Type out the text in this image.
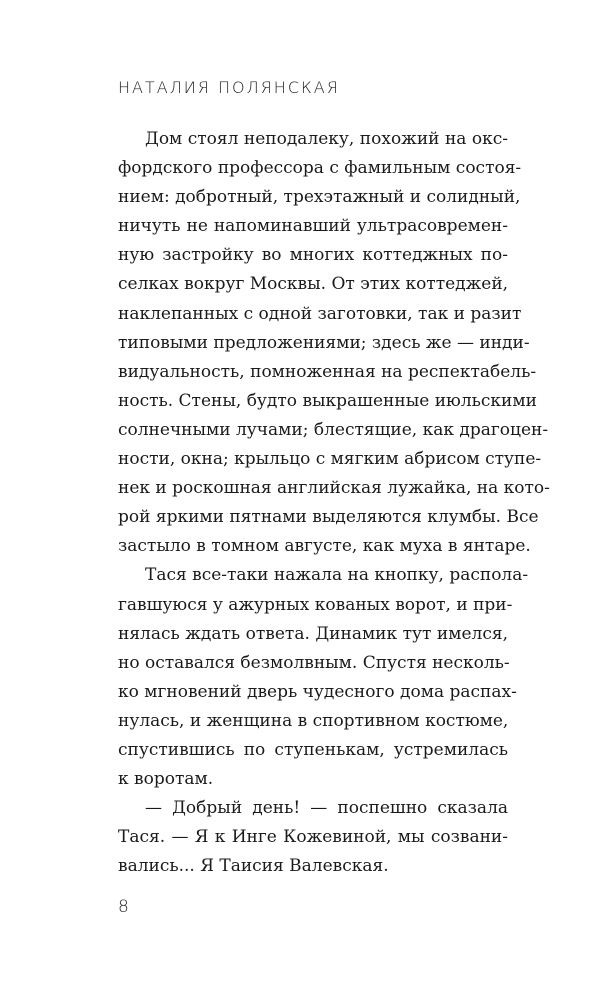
НАТАЛИЯ ПОЛЯНСКАЯ
Дом стоял неподалеку, похожий на окс-
фордского профессора с фамильным состоя-
нием: добротный, трехэтажный и солидный,
ничуть не напоминавший ультрасовремен-
ную застройку во многих коттеджных по-
селках вокруг Москвы. От этих коттеджей,
наклепанных с одной заготовки, так и разит
типовыми предложениями; здесь же — инди-
видуальность, помноженная на респектабель-
ность. Стены, будто выкрашенные июльскими
солнечными лучами; блестящие, как драгоцен-
ности, окна; крыльцо с мягким абрисом ступе-
нек и роскошная английская лужайка, на кото-
рой яркими пятнами выделяются клумбы. Все
застыло в томном августе, как муха в янтаре.
Тася все-таки нажала на кнопку, распола-
гавшуюся у ажурных кованых ворот, и при-
нялась ждать ответа. Динамик тут имелся,
но оставался безмолвным. Спустя несколь-
ко мгновений дверь чудесного дома распах-
нулась, и женщина в спортивном костюме,
спустившись по ступенькам, устремилась
к воротам.
— Добрый день! — поспешно сказала
Тася. — Я к Инге Кожевиной, мы созвани-
вались... Я Таисия Валевская.
8
